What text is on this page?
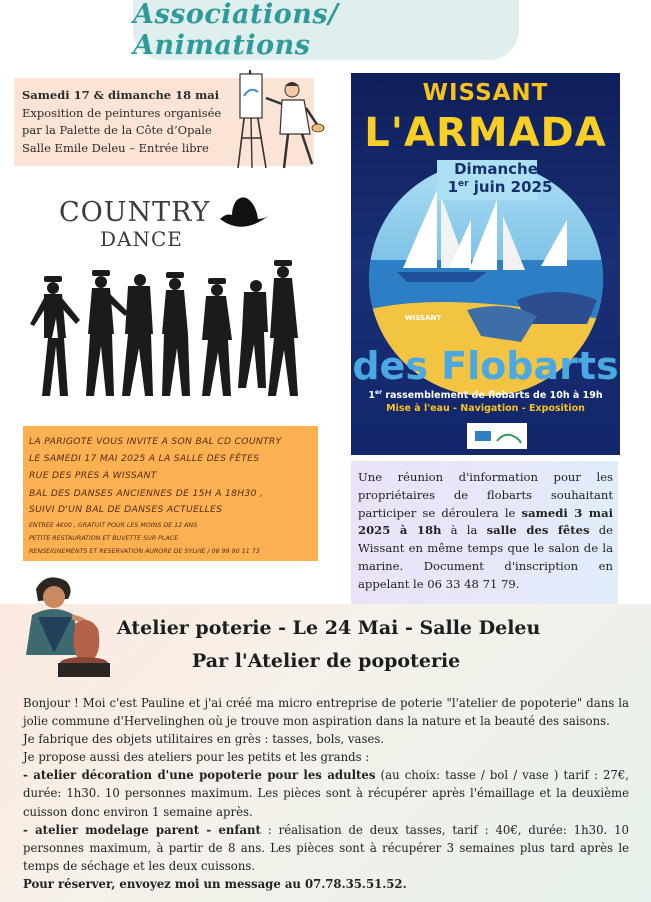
Associations/ Animations
Samedi 17 & dimanche 18 mai
Exposition de peintures organisée
par la Palette de la Côte d’Opale
Salle Emile Deleu – Entrée libre
COUNTRY
DANCE
LA PARIGOTE VOUS INVITE A SON BAL CD COUNTRY
LE SAMEDI 17 MAI 2025 A LA SALLE DES FÊTES
RUE DES PRES A WISSANT
BAL DES DANSES ANCIENNES DE 15H A 18H30 ,
SUIVI D'UN BAL DE DANSES ACTUELLES
ENTREE 4€00 , GRATUIT POUR LES MOINS DE 12 ANS
PETITE RESTAURATION ET BUVETTE SUR PLACE
RENSEIGNEMENTS ET RESERVATION AURORE DE SYLVIE / 06 99 90 11 73
WISSANT
L'ARMADA
WISSANT
Dimanche
1er juin 2025
des Flobarts
1er rassemblement de flobarts de 10h à 19h
Mise à l'eau - Navigation - Exposition
Une réunion d'information pour les propriétaires de flobarts souhaitant participer se déroulera le samedi 3 mai 2025 à 18h à la salle des fêtes de Wissant en même temps que le salon de la marine. Document d'inscription en appelant le 06 33 48 71 79.
Atelier poterie - Le 24 Mai - Salle Deleu
Par l'Atelier de popoterie

Bonjour ! Moi c'est Pauline et j'ai créé ma micro entreprise de poterie "l'atelier de popoterie" dans la jolie commune d'Hervelinghen où je trouve mon aspiration dans la nature et la beauté des saisons.

Je fabrique des objets utilitaires en grès : tasses, bols, vases.

Je propose aussi des ateliers pour les petits et les grands :

- atelier décoration d'une popoterie pour les adultes (au choix: tasse / bol / vase ) tarif : 27€, durée: 1h30. 10 personnes maximum. Les pièces sont à récupérer après l'émaillage et la deuxième cuisson donc environ 1 semaine après.

- atelier modelage parent - enfant : réalisation de deux tasses, tarif : 40€, durée: 1h30. 10 personnes maximum, à partir de 8 ans. Les pièces sont à récupérer 3 semaines plus tard après le temps de séchage et les deux cuissons.

Pour réserver, envoyez moi un message au 07.78.35.51.52.
